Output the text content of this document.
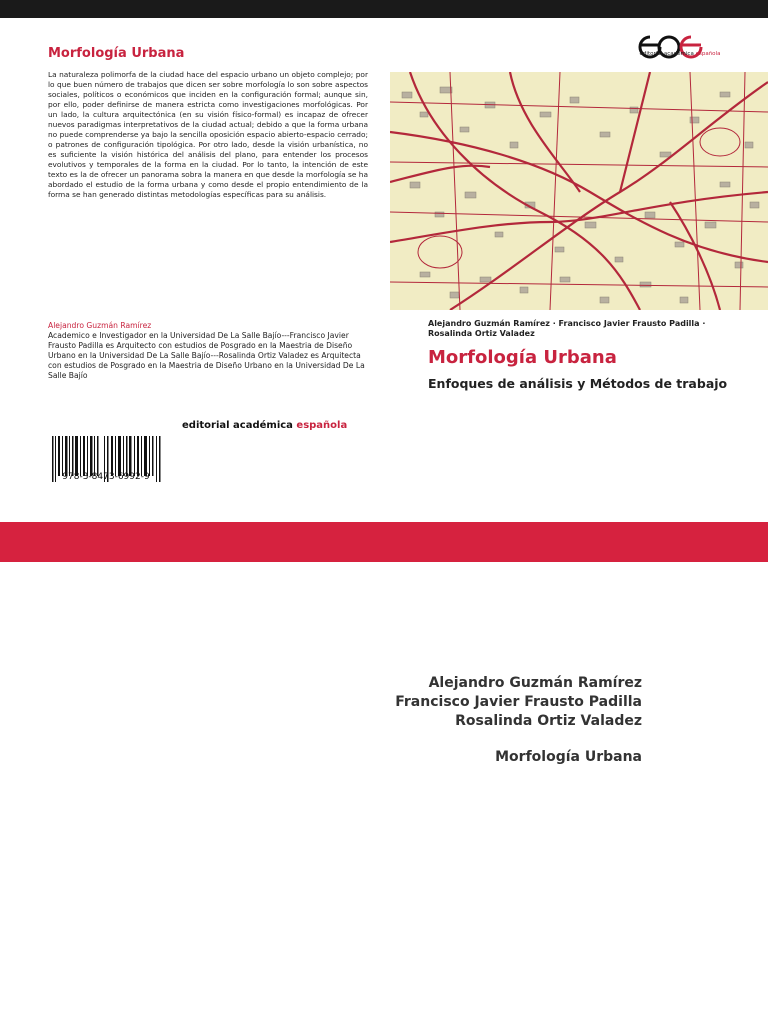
Morfología Urbana

La naturaleza polimorfa de la ciudad hace del espacio urbano un objeto complejo; por lo que buen número de trabajos que dicen ser sobre morfología lo son sobre aspectos sociales, políticos o económicos que inciden en la configuración formal; aunque sin, por ello, poder definirse de manera estricta como investigaciones morfológicas. Por un lado, la cultura arquitectónica (en su visión físico-formal) es incapaz de ofrecer nuevos paradigmas interpretativos de la ciudad actual; debido a que la forma urbana no puede comprenderse ya bajo la sencilla oposición espacio abierto-espacio cerrado; o patrones de configuración tipológica. Por otro lado, desde la visión urbanística, no es suficiente la visión histórica del análisis del plano, para entender los procesos evolutivos y temporales de la forma en la ciudad. Por lo tanto, la intención de este texto es la de ofrecer un panorama sobra la manera en que desde la morfología se ha abordado el estudio de la forma urbana y como desde el propio entendimiento de la forma se han generado distintas metodologías específicas para su análisis.

Alejandro Guzmán Ramírez

Academico e Investigador en la Universidad De La Salle Bajío---Francisco Javier Frausto Padilla es Arquitecto con estudios de Posgrado en la Maestria de Diseño Urbano en la Universidad De La Salle Bajío---Rosalinda Ortiz Valadez es Arquitecta con estudios de Posgrado en la Maestria de Diseño Urbano en la Universidad De La Salle Bajío

editorial académica española
Alejandro Guzmán Ramírez · Francisco Javier Frausto Padilla · Rosalinda Ortiz Valadez
Morfología Urbana
Enfoques de análisis y Métodos de trabajo
978-3-8473-6992-9
editorial académica española
Alejandro Guzmán Ramírez
Francisco Javier Frausto Padilla
Rosalinda Ortiz Valadez
Morfología Urbana
